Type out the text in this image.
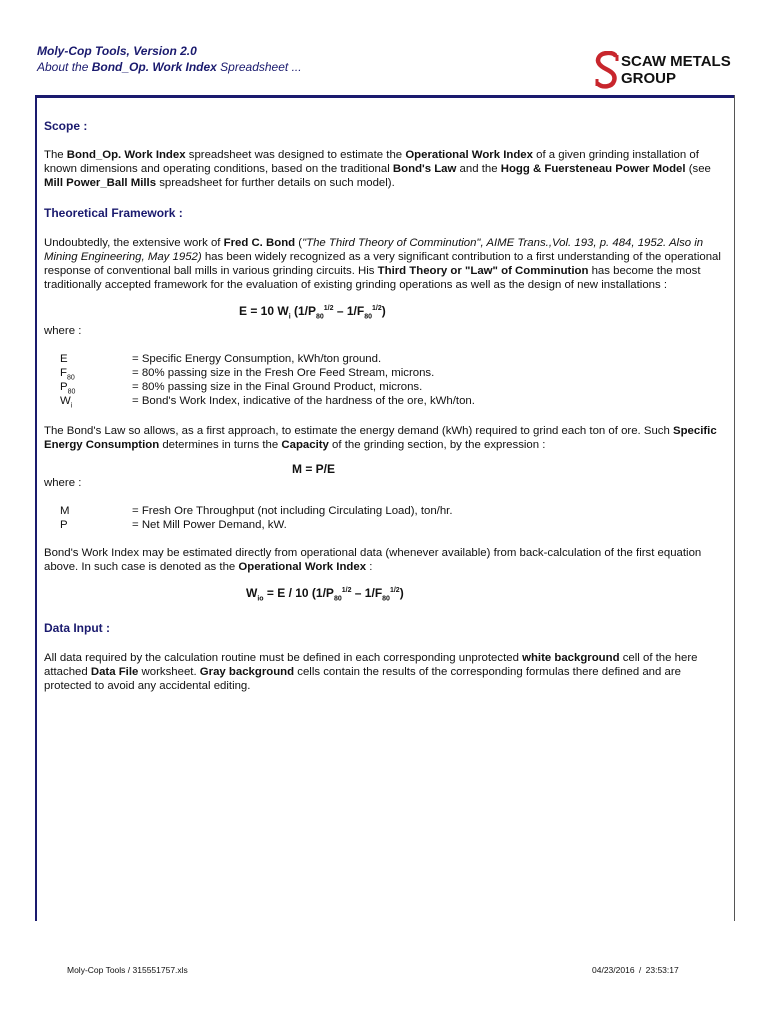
Moly-Cop Tools, Version 2.0
About the Bond_Op. Work Index Spreadsheet ...	SCAW METALS
GROUP
Scope :

The Bond_Op. Work Index spreadsheet was designed to estimate the Operational Work Index of a given grinding installation of known dimensions and operating conditions, based on the traditional Bond's Law and the Hogg & Fuersteneau Power Model (see Mill Power_Ball Mills spreadsheet for further details on such model).

Theoretical Framework :

Undoubtedly, the extensive work of Fred C. Bond ("The Third Theory of Comminution", AIME Trans.,Vol. 193, p. 484, 1952. Also in Mining Engineering, May 1952) has been widely recognized as a very significant contribution to a first understanding of the operational response of conventional ball mills in various grinding circuits. His Third Theory or "Law" of Comminution has become the most traditionally accepted framework for the evaluation of existing grinding operations as well as the design of new installations :

E = 10 $W_i$ $(1/P_{80}^{1/2} - 1/F_{80}^{1/2})$
where :
E	= Specific Energy Consumption, kWh/ton ground.
$F_{80}$	= 80% passing size in the Fresh Ore Feed Stream, microns.
$P_{80}$	= 80% passing size in the Final Ground Product, microns.
$W_i$	= Bond's Work Index, indicative of the hardness of the ore, kWh/ton.

The Bond's Law so allows, as a first approach, to estimate the energy demand (kWh) required to grind each ton of ore. Such Specific Energy Consumption determines in turns the Capacity of the grinding section, by the expression :

M = P/E
where :
M	= Fresh Ore Throughput (not including Circulating Load), ton/hr.
P	= Net Mill Power Demand, kW.

Bond's Work Index may be estimated directly from operational data (whenever available) from back-calculation of the first equation above. In such case is denoted as the Operational Work Index :

$W_{io} = E / 10$ $(1/P_{80}^{1/2} - 1/F_{80}^{1/2})$
Data Input :

All data required by the calculation routine must be defined in each corresponding unprotected white background cell of the here attached Data File worksheet. Gray background cells contain the results of the corresponding formulas there defined and are protected to avoid any accidental editing.

Moly-Cop Tools / 315551757.xls	04/23/2016 / 23:53:17
